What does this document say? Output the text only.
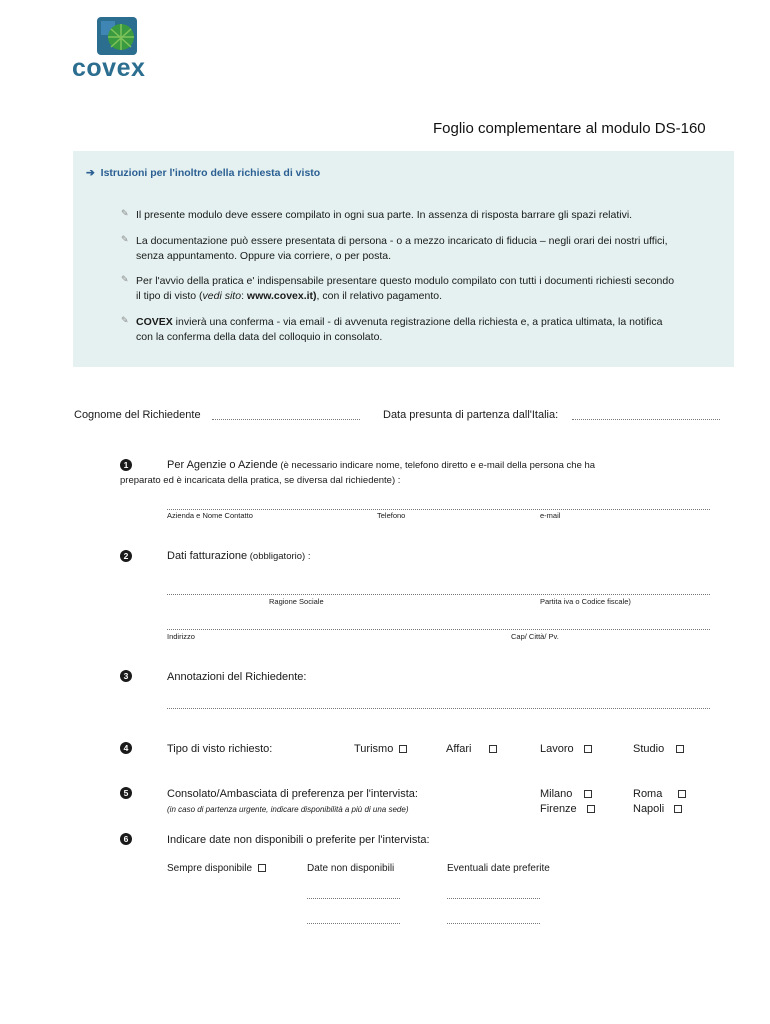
covex
Foglio complementare al modulo DS-160
➔ Istruzioni per l'inoltro della richiesta di visto
✎ Il presente modulo deve essere compilato in ogni sua parte. In assenza di risposta barrare gli spazi relativi.
✎ La documentazione può essere presentata di persona - o a mezzo incaricato di fiducia – negli orari dei nostri uffici,
senza appuntamento. Oppure via corriere, o per posta.
✎ Per l'avvio della pratica e' indispensabile presentare questo modulo compilato con tutti i documenti richiesti secondo
il tipo di visto (vedi sito: www.covex.it), con il relativo pagamento.
✎ COVEX invierà una conferma - via email - di avvenuta registrazione della richiesta e, a pratica ultimata, la notifica
con la conferma della data del colloquio in consolato.
Cognome del Richiedente	Data presunta di partenza dall'Italia:
1	Per Agenzie o Aziende (è necessario indicare nome, telefono diretto e e-mail della persona che ha
preparato ed è incaricata della pratica, se diversa dal richiedente) :
Azienda e Nome Contatto	Telefono	e-mail
2	Dati fatturazione (obbligatorio) :
Ragione Sociale	Partita iva o Codice fiscale)
Indirizzo	Cap/ Città/ Pv.
3	Annotazioni del Richiedente:
4	Tipo di visto richiesto:	Turismo	Affari	Lavoro	Studio
5	Consolato/Ambasciata di preferenza per l'intervista:
(in caso di partenza urgente, indicare disponibilità a più di una sede)
Milano	Roma
Firenze	Napoli
6	Indicare date non disponibili o preferite per l'intervista:
Sempre disponibile	Date non disponibili	Eventuali date preferite
